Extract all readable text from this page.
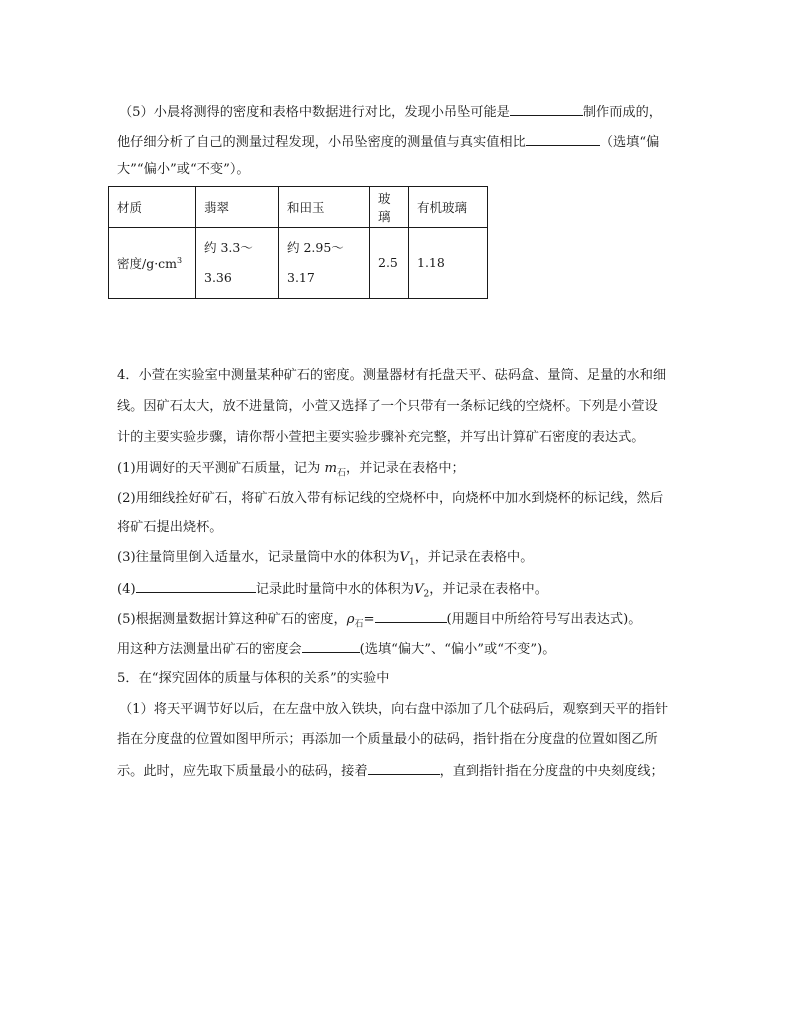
（5）小晨将测得的密度和表格中数据进行对比，发现小吊坠可能是	制作而成的，
他仔细分析了自己的测量过程发现，小吊坠密度的测量值与真实值相比	（选填“偏
大”“偏小”或“不变”）。
材质	翡翠	和田玉	玻璃	有机玻璃
密度$/g\cdot cm^3$	约 3.3～
3.36	约 2.95～
3.17	2.5	1.18
4．小萱在实验室中测量某种矿石的密度。测量器材有托盘天平、砝码盒、量筒、足量的水和细
线。因矿石太大，放不进量筒，小萱又选择了一个只带有一条标记线的空烧杯。下列是小萱设
计的主要实验步骤，请你帮小萱把主要实验步骤补充完整，并写出计算矿石密度的表达式。
(1)用调好的天平测矿石质量，记为 $m_石$，并记录在表格中；
(2)用细线拴好矿石，将矿石放入带有标记线的空烧杯中，向烧杯中加水到烧杯的标记线，然后
将矿石提出烧杯。
(3)往量筒里倒入适量水，记录量筒中水的体积为$V_1$，并记录在表格中。
(4)	记录此时量筒中水的体积为$V_2$，并记录在表格中。
(5)根据测量数据计算这种矿石的密度，$\rho_石=$	(用题目中所给符号写出表达式)。
用这种方法测量出矿石的密度会	(选填“偏大”、“偏小”或“不变”)。
5．在“探究固体的质量与体积的关系”的实验中
（1）将天平调节好以后，在左盘中放入铁块，向右盘中添加了几个砝码后，观察到天平的指针
指在分度盘的位置如图甲所示；再添加一个质量最小的砝码，指针指在分度盘的位置如图乙所
示。此时，应先取下质量最小的砝码，接着	，直到指针指在分度盘的中央刻度线；
